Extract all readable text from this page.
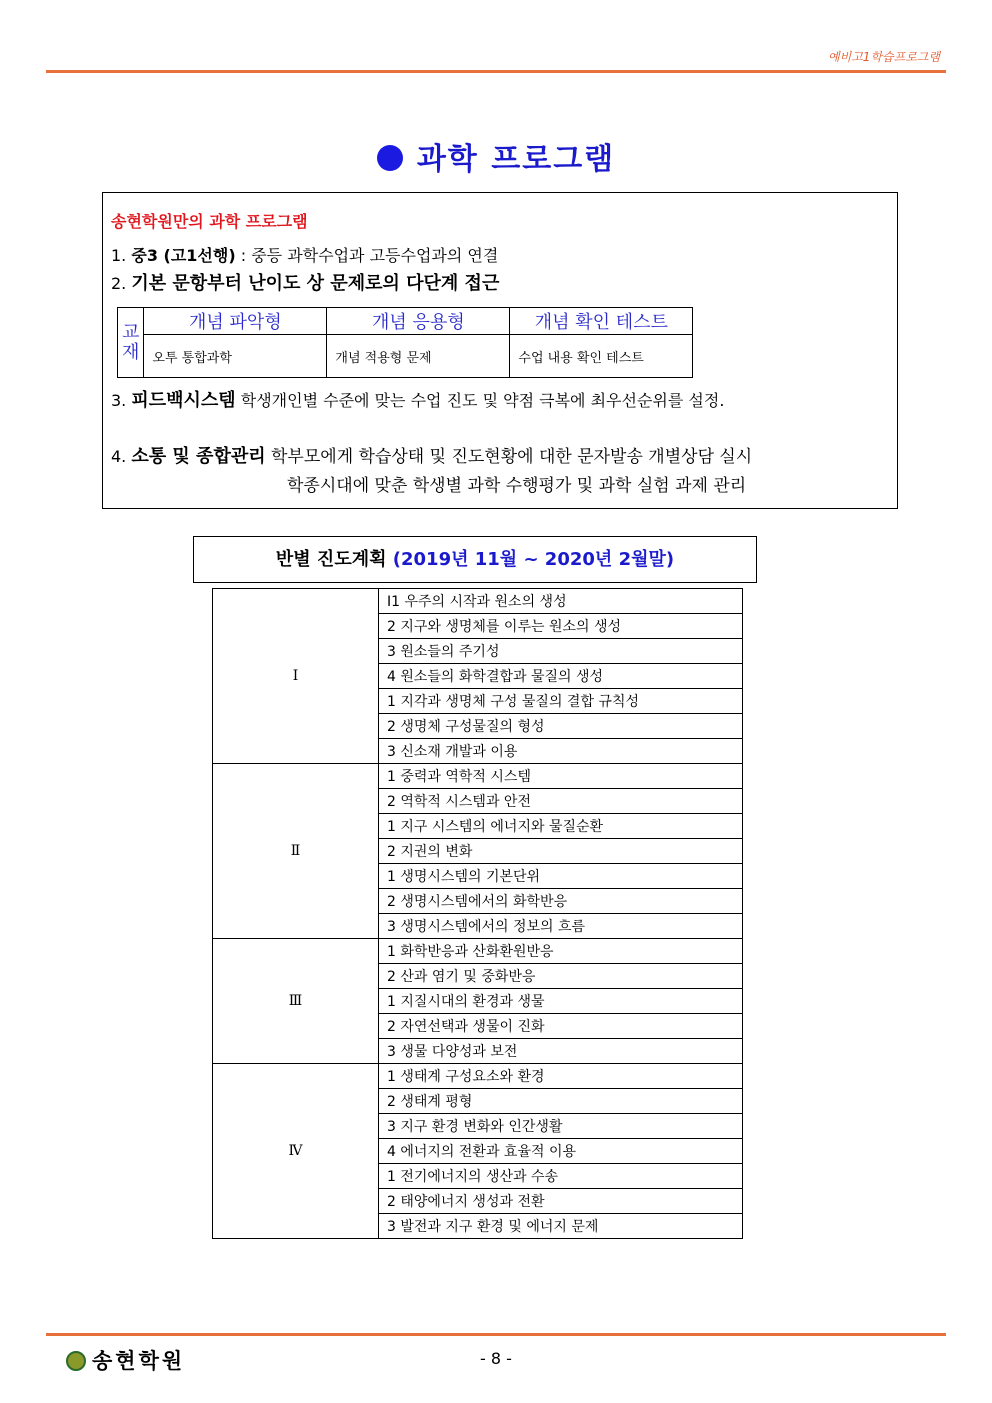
예비고1학습프로그램
과학 프로그램
송현학원만의 과학 프로그램
1. 중3 (고1선행) : 중등 과학수업과 고등수업과의 연결
2. 기본 문항부터 난이도 상 문제로의 다단계 접근
교
재	개념 파악형	개념 응용형	개념 확인 테스트
	오투 통합과학	개념 적용형 문제	수업 내용 확인 테스트
3. 피드백시스템 학생개인별 수준에 맞는 수업 진도 및 약점 극복에 최우선순위를 설정.
4. 소통 및 종합관리 학부모에게 학습상태 및 진도현황에 대한 문자발송 개별상담 실시
학종시대에 맞춘 학생별 과학 수행평가 및 과학 실험 과제 관리
반별 진도계획 (2019년 11월 ~ 2020년 2월말)
Ⅰ	Ⅰ1 우주의 시작과 원소의 생성
	2 지구와 생명체를 이루는 원소의 생성
	3 원소들의 주기성
	4 원소들의 화학결합과 물질의 생성
	1 지각과 생명체 구성 물질의 결합 규칙성
	2 생명체 구성물질의 형성
	3 신소재 개발과 이용
Ⅱ	1 중력과 역학적 시스템
	2 역학적 시스템과 안전
	1 지구 시스템의 에너지와 물질순환
	2 지권의 변화
	1 생명시스템의 기본단위
	2 생명시스템에서의 화학반응
	3 생명시스템에서의 정보의 흐름
Ⅲ	1 화학반응과 산화환원반응
	2 산과 염기 및 중화반응
	1 지질시대의 환경과 생물
	2 자연선택과 생물이 진화
	3 생물 다양성과 보전
Ⅳ	1 생태계 구성요소와 환경
	2 생태계 평형
	3 지구 환경 변화와 인간생활
	4 에너지의 전환과 효율적 이용
	1 전기에너지의 생산과 수송
	2 태양에너지 생성과 전환
	3 발전과 지구 환경 및 에너지 문제
송현학원	- 8 -
